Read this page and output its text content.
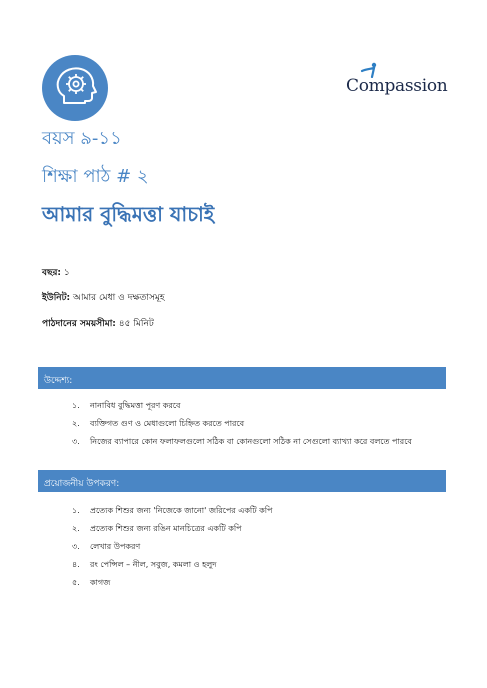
Compassion
বয়স ৯-১১
শিক্ষা পাঠ # ২
আমার বুদ্ধিমত্তা যাচাই
বছর: ১
ইউনিট: আমার মেধা ও দক্ষতাসমূহ
পাঠদানের সময়সীমা: ৪৫ মিনিট
উদ্দেশ্য:
১.	নানাবিধ বুদ্ধিমত্তা পূরণ করবে
২.	ব্যক্তিগত গুণ ও মেধাগুলো চিহ্নিত করতে পারবে
৩.	নিজের ব্যাপারে কোন ফলাফলগুলো সঠিক বা কোনগুলো সঠিক না সেগুলো ব্যাখ্যা করে বলতে পারবে
প্রয়োজনীয় উপকরণ:
১.	প্রত্যেক শিশুর জন্য 'নিজেকে জানো' জরিপের একটি কপি
২.	প্রত্যেক শিশুর জন্য রঙিন মানচিত্রের একটি কপি
৩.	লেখার উপকরণ
৪.	রং পেন্সিল – নীল, সবুজ, কমলা ও হলুদ
৫.	কাগজ
